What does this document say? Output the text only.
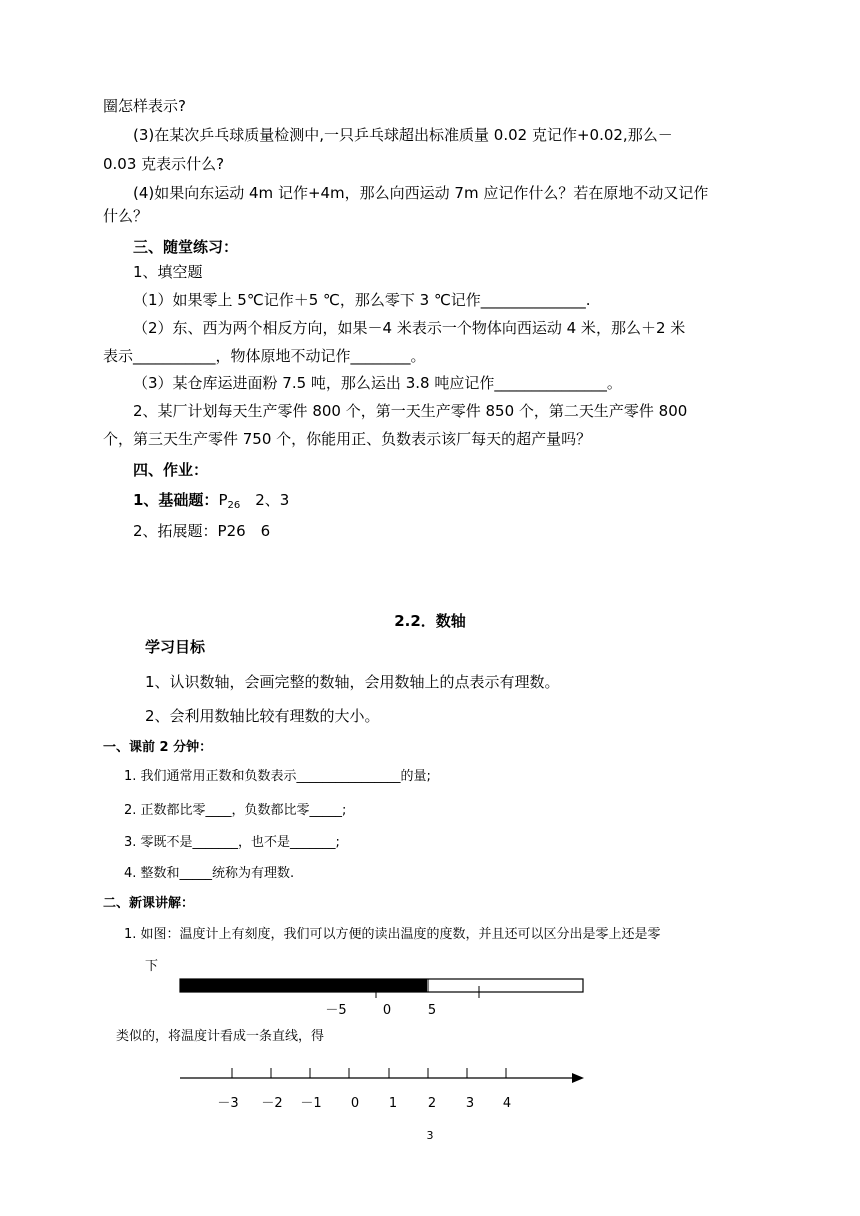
圈怎样表示?
(3)在某次乒乓球质量检测中,一只乒乓球超出标准质量 0.02 克记作+0.02,那么－
0.03 克表示什么?
(4)如果向东运动 4m 记作+4m，那么向西运动 7m 应记作什么？若在原地不动又记作
什么？
三、随堂练习：
1、填空题
（1）如果零上 5℃记作＋5 ℃，那么零下 3 ℃记作______________.
（2）东、西为两个相反方向，如果－4 米表示一个物体向西运动 4 米，那么＋2 米
表示___________，物体原地不动记作________。
（3）某仓库运进面粉 7.5 吨，那么运出 3.8 吨应记作_______________。
2、某厂计划每天生产零件 800 个，第一天生产零件 850 个，第二天生产零件 800
个，第三天生产零件 750 个，你能用正、负数表示该厂每天的超产量吗？
四、作业：
1、基础题：$P_{26}$　2、3
2、拓展题：P26　6
2.2．数轴
学习目标
1、认识数轴，会画完整的数轴，会用数轴上的点表示有理数。
2、会利用数轴比较有理数的大小。
一、课前 2 分钟：
1. 我们通常用正数和负数表示________________的量;
2. 正数都比零____，负数都比零_____;
3. 零既不是_______，也不是_______;
4. 整数和_____统称为有理数.
二、新课讲解：
1. 如图：温度计上有刻度，我们可以方便的读出温度的度数，并且还可以区分出是零上还是零
下
－5	0	5
类似的，将温度计看成一条直线，得
－3 －2 －1 0 1 2 3 4
3
